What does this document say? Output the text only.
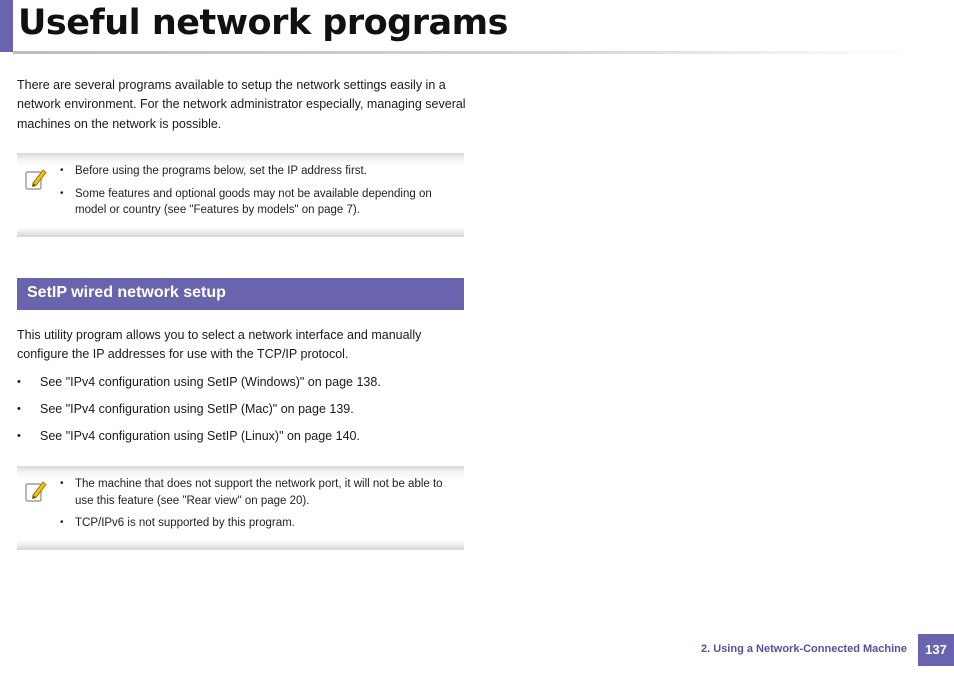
Useful network programs

There are several programs available to setup the network settings easily in a network environment. For the network administrator especially, managing several machines on the network is possible.

• Before using the programs below, set the IP address first.
• Some features and optional goods may not be available depending on model or country (see "Features by models" on page 7).
SetIP wired network setup

This utility program allows you to select a network interface and manually configure the IP addresses for use with the TCP/IP protocol.

• See "IPv4 configuration using SetIP (Windows)" on page 138.
• See "IPv4 configuration using SetIP (Mac)" on page 139.
• See "IPv4 configuration using SetIP (Linux)" on page 140.
• The machine that does not support the network port, it will not be able to use this feature (see "Rear view" on page 20).
• TCP/IPv6 is not supported by this program.
2. Using a Network-Connected Machine	137
